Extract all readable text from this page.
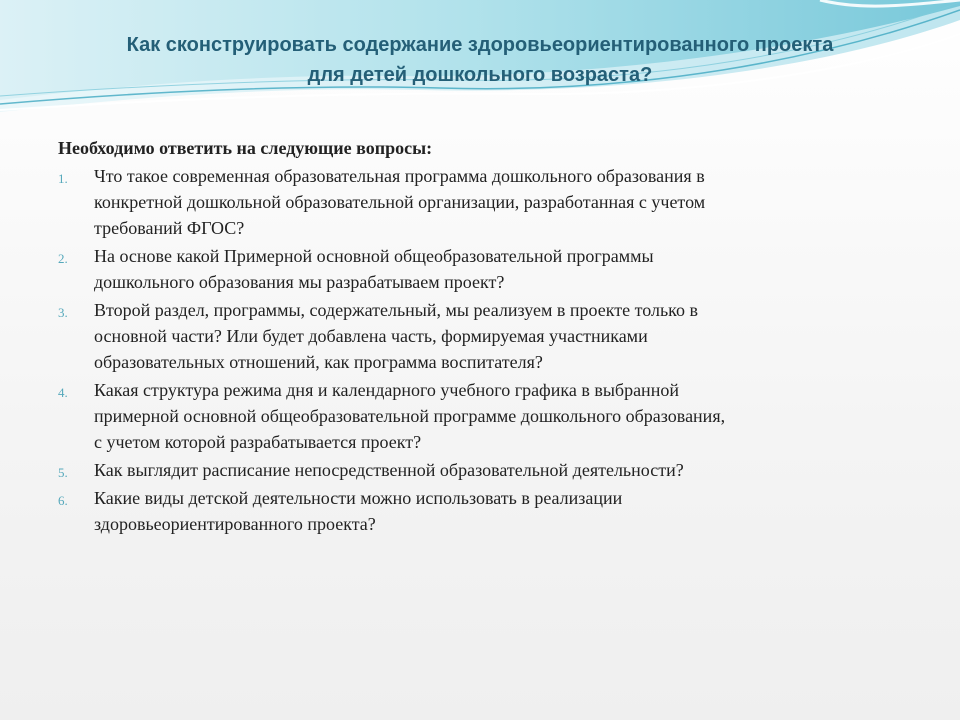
Как сконструировать содержание здоровьеориентированного проекта
для детей дошкольного возраста?

Необходимо ответить на следующие вопросы:

1. Что такое современная образовательная программа дошкольного образования в
конкретной дошкольной образовательной организации, разработанная с учетом
требований ФГОС?
2. На основе какой Примерной основной общеобразовательной программы
дошкольного образования мы разрабатываем проект?
3. Второй раздел, программы, содержательный, мы реализуем в проекте только в
основной части? Или будет добавлена часть, формируемая участниками
образовательных отношений, как программа воспитателя?
4. Какая структура режима дня и календарного учебного графика в выбранной
примерной основной общеобразовательной программе дошкольного образования,
с учетом которой разрабатывается проект?
5. Как выглядит расписание непосредственной образовательной деятельности?
6. Какие виды детской деятельности можно использовать в реализации
здоровьеориентированного проекта?
